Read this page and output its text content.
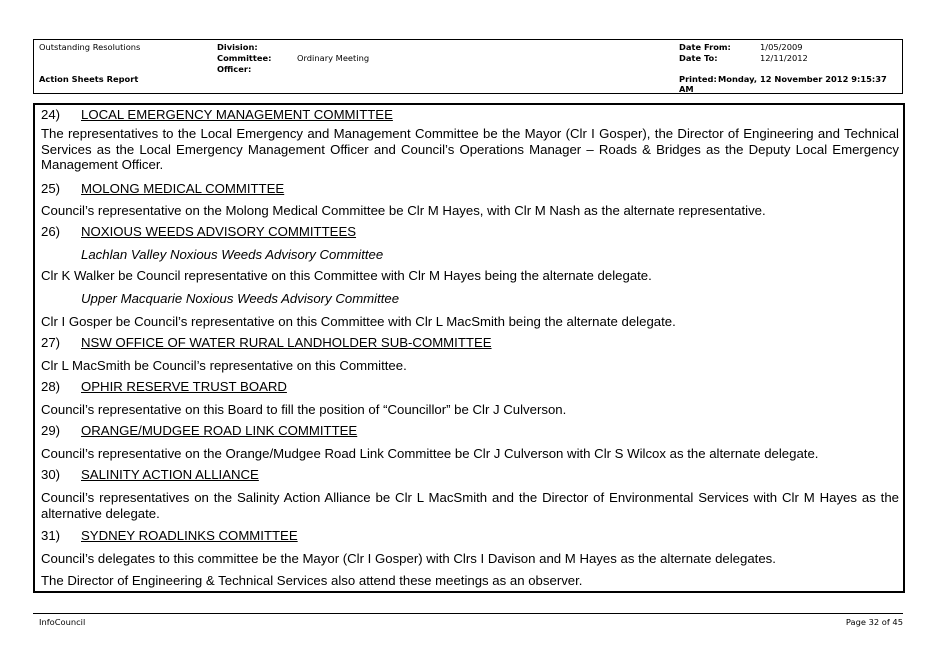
Outstanding Resolutions
Action Sheets Report
Division:
Committee:	Ordinary Meeting
Officer:
Date From:	1/05/2009
Date To:	12/11/2012
Printed: Monday, 12 November 2012 9:15:37
AM
24) LOCAL EMERGENCY MANAGEMENT COMMITTEE

The representatives to the Local Emergency and Management Committee be the Mayor (Clr I Gosper), the Director of Engineering and Technical Services as the Local Emergency Management Officer and Council’s Operations Manager – Roads & Bridges as the Deputy Local Emergency Management Officer.

25) MOLONG MEDICAL COMMITTEE

Council’s representative on the Molong Medical Committee be Clr M Hayes, with Clr M Nash as the alternate representative.

26) NOXIOUS WEEDS ADVISORY COMMITTEES
Lachlan Valley Noxious Weeds Advisory Committee

Clr K Walker be Council representative on this Committee with Clr M Hayes being the alternate delegate.

Upper Macquarie Noxious Weeds Advisory Committee

Clr I Gosper be Council’s representative on this Committee with Clr L MacSmith being the alternate delegate.

27) NSW OFFICE OF WATER RURAL LANDHOLDER SUB-COMMITTEE

Clr L MacSmith be Council’s representative on this Committee.

28) OPHIR RESERVE TRUST BOARD

Council’s representative on this Board to fill the position of “Councillor” be Clr J Culverson.

29) ORANGE/MUDGEE ROAD LINK COMMITTEE

Council’s representative on the Orange/Mudgee Road Link Committee be Clr J Culverson with Clr S Wilcox as the alternate delegate.

30) SALINITY ACTION ALLIANCE

Council’s representatives on the Salinity Action Alliance be Clr L MacSmith and the Director of Environmental Services with Clr M Hayes as the alternative delegate.

31) SYDNEY ROADLINKS COMMITTEE

Council’s delegates to this committee be the Mayor (Clr I Gosper) with Clrs I Davison and M Hayes as the alternate delegates.

The Director of Engineering & Technical Services also attend these meetings as an observer.

InfoCouncil	Page 32 of 45
